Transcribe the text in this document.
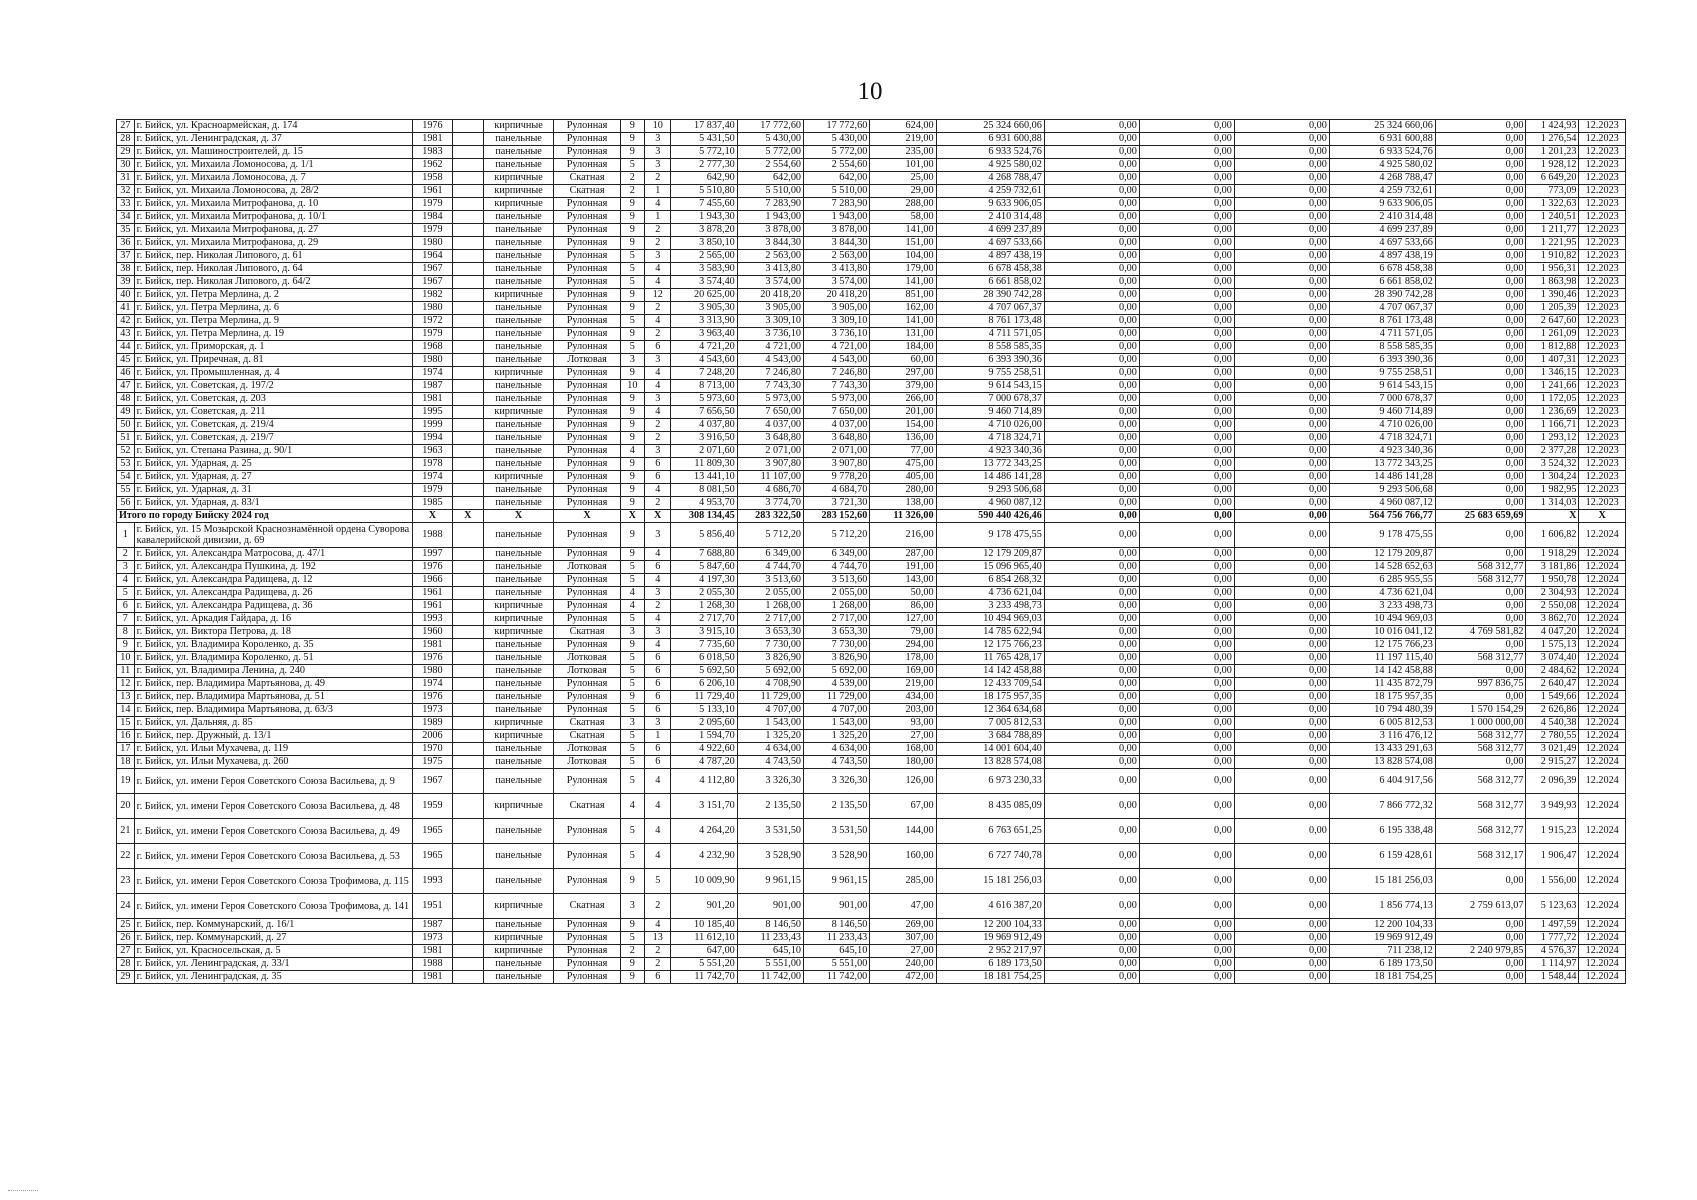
10
27	г. Бийск, ул. Красноармейская, д. 174	1976		кирпичные	Рулонная	9	10	17 837,40	17 772,60	17 772,60	624,00	25 324 660,06	0,00	0,00	0,00	25 324 660,06	0,00	1 424,93	12.2023
28	г. Бийск, ул. Ленинградская, д. 37	1981		панельные	Рулонная	9	3	5 431,50	5 430,00	5 430,00	219,00	6 931 600,88	0,00	0,00	0,00	6 931 600,88	0,00	1 276,54	12.2023
29	г. Бийск, ул. Машиностроителей, д. 15	1983		панельные	Рулонная	9	3	5 772,10	5 772,00	5 772,00	235,00	6 933 524,76	0,00	0,00	0,00	6 933 524,76	0,00	1 201,23	12.2023
30	г. Бийск, ул. Михаила Ломоносова, д. 1/1	1962		панельные	Рулонная	5	3	2 777,30	2 554,60	2 554,60	101,00	4 925 580,02	0,00	0,00	0,00	4 925 580,02	0,00	1 928,12	12.2023
31	г. Бийск, ул. Михаила Ломоносова, д. 7	1958		кирпичные	Скатная	2	2	642,90	642,00	642,00	25,00	4 268 788,47	0,00	0,00	0,00	4 268 788,47	0,00	6 649,20	12.2023
32	г. Бийск, ул. Михаила Ломоносова, д. 28/2	1961		кирпичные	Скатная	2	1	5 510,80	5 510,00	5 510,00	29,00	4 259 732,61	0,00	0,00	0,00	4 259 732,61	0,00	773,09	12.2023
33	г. Бийск, ул. Михаила Митрофанова, д. 10	1979		кирпичные	Рулонная	9	4	7 455,60	7 283,90	7 283,90	288,00	9 633 906,05	0,00	0,00	0,00	9 633 906,05	0,00	1 322,63	12.2023
34	г. Бийск, ул. Михаила Митрофанова, д. 10/1	1984		панельные	Рулонная	9	1	1 943,30	1 943,00	1 943,00	58,00	2 410 314,48	0,00	0,00	0,00	2 410 314,48	0,00	1 240,51	12.2023
35	г. Бийск, ул. Михаила Митрофанова, д. 27	1979		панельные	Рулонная	9	2	3 878,20	3 878,00	3 878,00	141,00	4 699 237,89	0,00	0,00	0,00	4 699 237,89	0,00	1 211,77	12.2023
36	г. Бийск, ул. Михаила Митрофанова, д. 29	1980		панельные	Рулонная	9	2	3 850,10	3 844,30	3 844,30	151,00	4 697 533,66	0,00	0,00	0,00	4 697 533,66	0,00	1 221,95	12.2023
37	г. Бийск, пер. Николая Липового, д. 61	1964		панельные	Рулонная	5	3	2 565,00	2 563,00	2 563,00	104,00	4 897 438,19	0,00	0,00	0,00	4 897 438,19	0,00	1 910,82	12.2023
38	г. Бийск, пер. Николая Липового, д. 64	1967		панельные	Рулонная	5	4	3 583,90	3 413,80	3 413,80	179,00	6 678 458,38	0,00	0,00	0,00	6 678 458,38	0,00	1 956,31	12.2023
39	г. Бийск, пер. Николая Липового, д. 64/2	1967		панельные	Рулонная	5	4	3 574,40	3 574,00	3 574,00	141,00	6 661 858,02	0,00	0,00	0,00	6 661 858,02	0,00	1 863,98	12.2023
40	г. Бийск, ул. Петра Мерлина, д. 2	1982		кирпичные	Рулонная	9	12	20 625,00	20 418,20	20 418,20	851,00	28 390 742,28	0,00	0,00	0,00	28 390 742,28	0,00	1 390,46	12.2023
41	г. Бийск, ул. Петра Мерлина, д. 6	1980		панельные	Рулонная	9	2	3 905,30	3 905,00	3 905,00	162,00	4 707 067,37	0,00	0,00	0,00	4 707 067,37	0,00	1 205,39	12.2023
42	г. Бийск, ул. Петра Мерлина, д. 9	1972		панельные	Рулонная	5	4	3 313,90	3 309,10	3 309,10	141,00	8 761 173,48	0,00	0,00	0,00	8 761 173,48	0,00	2 647,60	12.2023
43	г. Бийск, ул. Петра Мерлина, д. 19	1979		панельные	Рулонная	9	2	3 963,40	3 736,10	3 736,10	131,00	4 711 571,05	0,00	0,00	0,00	4 711 571,05	0,00	1 261,09	12.2023
44	г. Бийск, ул. Приморская, д. 1	1968		панельные	Рулонная	5	6	4 721,20	4 721,00	4 721,00	184,00	8 558 585,35	0,00	0,00	0,00	8 558 585,35	0,00	1 812,88	12.2023
45	г. Бийск, ул. Приречная, д. 81	1980		панельные	Лотковая	3	3	4 543,60	4 543,00	4 543,00	60,00	6 393 390,36	0,00	0,00	0,00	6 393 390,36	0,00	1 407,31	12.2023
46	г. Бийск, ул. Промышленная, д. 4	1974		кирпичные	Рулонная	9	4	7 248,20	7 246,80	7 246,80	297,00	9 755 258,51	0,00	0,00	0,00	9 755 258,51	0,00	1 346,15	12.2023
47	г. Бийск, ул. Советская, д. 197/2	1987		панельные	Рулонная	10	4	8 713,00	7 743,30	7 743,30	379,00	9 614 543,15	0,00	0,00	0,00	9 614 543,15	0,00	1 241,66	12.2023
48	г. Бийск, ул. Советская, д. 203	1981		панельные	Рулонная	9	3	5 973,60	5 973,00	5 973,00	266,00	7 000 678,37	0,00	0,00	0,00	7 000 678,37	0,00	1 172,05	12.2023
49	г. Бийск, ул. Советская, д. 211	1995		кирпичные	Рулонная	9	4	7 656,50	7 650,00	7 650,00	201,00	9 460 714,89	0,00	0,00	0,00	9 460 714,89	0,00	1 236,69	12.2023
50	г. Бийск, ул. Советская, д. 219/4	1999		панельные	Рулонная	9	2	4 037,80	4 037,00	4 037,00	154,00	4 710 026,00	0,00	0,00	0,00	4 710 026,00	0,00	1 166,71	12.2023
51	г. Бийск, ул. Советская, д. 219/7	1994		панельные	Рулонная	9	2	3 916,50	3 648,80	3 648,80	136,00	4 718 324,71	0,00	0,00	0,00	4 718 324,71	0,00	1 293,12	12.2023
52	г. Бийск, ул. Степана Разина, д. 90/1	1963		панельные	Рулонная	4	3	2 071,60	2 071,00	2 071,00	77,00	4 923 340,36	0,00	0,00	0,00	4 923 340,36	0,00	2 377,28	12.2023
53	г. Бийск, ул. Ударная, д. 25	1978		панельные	Рулонная	9	6	11 809,30	3 907,80	3 907,80	475,00	13 772 343,25	0,00	0,00	0,00	13 772 343,25	0,00	3 524,32	12.2023
54	г. Бийск, ул. Ударная, д. 27	1974		кирпичные	Рулонная	9	6	13 441,10	11 107,00	9 778,20	405,00	14 486 141,28	0,00	0,00	0,00	14 486 141,28	0,00	1 304,24	12.2023
55	г. Бийск, ул. Ударная, д. 31	1979		панельные	Рулонная	9	4	8 081,50	4 686,70	4 684,70	280,00	9 293 506,68	0,00	0,00	0,00	9 293 506,68	0,00	1 982,95	12.2023
56	г. Бийск, ул. Ударная, д. 83/1	1985		панельные	Рулонная	9	2	4 953,70	3 774,70	3 721,30	138,00	4 960 087,12	0,00	0,00	0,00	4 960 087,12	0,00	1 314,03	12.2023
Итого по городу Бийску 2024 год		X	X	X	X	X	X	308 134,45	283 322,50	283 152,60	11 326,00	590 440 426,46	0,00	0,00	0,00	564 756 766,77	25 683 659,69	X	X
1	г. Бийск, ул. 15 Мозырской Краснознамённой ордена Суворова кавалерийской дивизии, д. 69	1988		панельные	Рулонная	9	3	5 856,40	5 712,20	5 712,20	216,00	9 178 475,55	0,00	0,00	0,00	9 178 475,55	0,00	1 606,82	12.2024
2	г. Бийск, ул. Александра Матросова, д. 47/1	1997		панельные	Рулонная	9	4	7 688,80	6 349,00	6 349,00	287,00	12 179 209,87	0,00	0,00	0,00	12 179 209,87	0,00	1 918,29	12.2024
3	г. Бийск, ул. Александра Пушкина, д. 192	1976		панельные	Лотковая	5	6	5 847,60	4 744,70	4 744,70	191,00	15 096 965,40	0,00	0,00	0,00	14 528 652,63	568 312,77	3 181,86	12.2024
4	г. Бийск, ул. Александра Радищева, д. 12	1966		панельные	Рулонная	5	4	4 197,30	3 513,60	3 513,60	143,00	6 854 268,32	0,00	0,00	0,00	6 285 955,55	568 312,77	1 950,78	12.2024
5	г. Бийск, ул. Александра Радищева, д. 26	1961		панельные	Рулонная	4	3	2 055,30	2 055,00	2 055,00	50,00	4 736 621,04	0,00	0,00	0,00	4 736 621,04	0,00	2 304,93	12.2024
6	г. Бийск, ул. Александра Радищева, д. 36	1961		кирпичные	Рулонная	4	2	1 268,30	1 268,00	1 268,00	86,00	3 233 498,73	0,00	0,00	0,00	3 233 498,73	0,00	2 550,08	12.2024
7	г. Бийск, ул. Аркадия Гайдара, д. 16	1993		кирпичные	Рулонная	5	4	2 717,70	2 717,00	2 717,00	127,00	10 494 969,03	0,00	0,00	0,00	10 494 969,03	0,00	3 862,70	12.2024
8	г. Бийск, ул. Виктора Петрова, д. 18	1960		кирпичные	Скатная	3	3	3 915,10	3 653,30	3 653,30	79,00	14 785 622,94	0,00	0,00	0,00	10 016 041,12	4 769 581,82	4 047,20	12.2024
9	г. Бийск, ул. Владимира Короленко, д. 35	1981		панельные	Рулонная	9	4	7 735,60	7 730,00	7 730,00	294,00	12 175 766,23	0,00	0,00	0,00	12 175 766,23	0,00	1 575,13	12.2024
10	г. Бийск, ул. Владимира Короленко, д. 51	1976		панельные	Лотковая	5	6	6 018,50	3 826,90	3 826,90	178,00	11 765 428,17	0,00	0,00	0,00	11 197 115,40	568 312,77	3 074,40	12.2024
11	г. Бийск, ул. Владимира Ленина, д. 240	1980		панельные	Лотковая	5	6	5 692,50	5 692,00	5 692,00	169,00	14 142 458,88	0,00	0,00	0,00	14 142 458,88	0,00	2 484,62	12.2024
12	г. Бийск, пер. Владимира Мартьянова, д. 49	1974		панельные	Рулонная	5	6	6 206,10	4 708,90	4 539,00	219,00	12 433 709,54	0,00	0,00	0,00	11 435 872,79	997 836,75	2 640,47	12.2024
13	г. Бийск, пер. Владимира Мартьянова, д. 51	1976		панельные	Рулонная	9	6	11 729,40	11 729,00	11 729,00	434,00	18 175 957,35	0,00	0,00	0,00	18 175 957,35	0,00	1 549,66	12.2024
14	г. Бийск, пер. Владимира Мартьянова, д. 63/3	1973		панельные	Рулонная	5	6	5 133,10	4 707,00	4 707,00	203,00	12 364 634,68	0,00	0,00	0,00	10 794 480,39	1 570 154,29	2 626,86	12.2024
15	г. Бийск, ул. Дальняя, д. 85	1989		кирпичные	Скатная	3	3	2 095,60	1 543,00	1 543,00	93,00	7 005 812,53	0,00	0,00	0,00	6 005 812,53	1 000 000,00	4 540,38	12.2024
16	г. Бийск, пер. Дружный, д. 13/1	2006		кирпичные	Скатная	5	1	1 594,70	1 325,20	1 325,20	27,00	3 684 788,89	0,00	0,00	0,00	3 116 476,12	568 312,77	2 780,55	12.2024
17	г. Бийск, ул. Ильи Мухачева, д. 119	1970		панельные	Лотковая	5	6	4 922,60	4 634,00	4 634,00	168,00	14 001 604,40	0,00	0,00	0,00	13 433 291,63	568 312,77	3 021,49	12.2024
18	г. Бийск, ул. Ильи Мухачева, д. 260	1975		панельные	Лотковая	5	6	4 787,20	4 743,50	4 743,50	180,00	13 828 574,08	0,00	0,00	0,00	13 828 574,08	0,00	2 915,27	12.2024
19	г. Бийск, ул. имени Героя Советского Союза Васильева, д. 9	1967		панельные	Рулонная	5	4	4 112,80	3 326,30	3 326,30	126,00	6 973 230,33	0,00	0,00	0,00	6 404 917,56	568 312,77	2 096,39	12.2024
20	г. Бийск, ул. имени Героя Советского Союза Васильева, д. 48	1959		кирпичные	Скатная	4	4	3 151,70	2 135,50	2 135,50	67,00	8 435 085,09	0,00	0,00	0,00	7 866 772,32	568 312,77	3 949,93	12.2024
21	г. Бийск, ул. имени Героя Советского Союза Васильева, д. 49	1965		панельные	Рулонная	5	4	4 264,20	3 531,50	3 531,50	144,00	6 763 651,25	0,00	0,00	0,00	6 195 338,48	568 312,77	1 915,23	12.2024
22	г. Бийск, ул. имени Героя Советского Союза Васильева, д. 53	1965		панельные	Рулонная	5	4	4 232,90	3 528,90	3 528,90	160,00	6 727 740,78	0,00	0,00	0,00	6 159 428,61	568 312,17	1 906,47	12.2024
23	г. Бийск, ул. имени Героя Советского Союза Трофимова, д. 115	1993		панельные	Рулонная	9	5	10 009,90	9 961,15	9 961,15	285,00	15 181 256,03	0,00	0,00	0,00	15 181 256,03	0,00	1 556,00	12.2024
24	г. Бийск, ул. имени Героя Советского Союза Трофимова, д. 141	1951		кирпичные	Скатная	3	2	901,20	901,00	901,00	47,00	4 616 387,20	0,00	0,00	0,00	1 856 774,13	2 759 613,07	5 123,63	12.2024
25	г. Бийск, пер. Коммунарский, д. 16/1	1987		панельные	Рулонная	9	4	10 185,40	8 146,50	8 146,50	269,00	12 200 104,33	0,00	0,00	0,00	12 200 104,33	0,00	1 497,59	12.2024
26	г. Бийск, пер. Коммунарский, д. 27	1973		кирпичные	Рулонная	5	13	11 612,10	11 233,43	11 233,43	307,00	19 969 912,49	0,00	0,00	0,00	19 969 912,49	0,00	1 777,72	12.2024
27	г. Бийск, ул. Красносельская, д. 5	1981		кирпичные	Рулонная	2	2	647,00	645,10	645,10	27,00	2 952 217,97	0,00	0,00	0,00	711 238,12	2 240 979,85	4 576,37	12.2024
28	г. Бийск, ул. Ленинградская, д. 33/1	1988		панельные	Рулонная	9	2	5 551,20	5 551,00	5 551,00	240,00	6 189 173,50	0,00	0,00	0,00	6 189 173,50	0,00	1 114,97	12.2024
29	г. Бийск, ул. Ленинградская, д. 35	1981		панельные	Рулонная	9	6	11 742,70	11 742,00	11 742,00	472,00	18 181 754,25	0,00	0,00	0,00	18 181 754,25	0,00	1 548,44	12.2024
